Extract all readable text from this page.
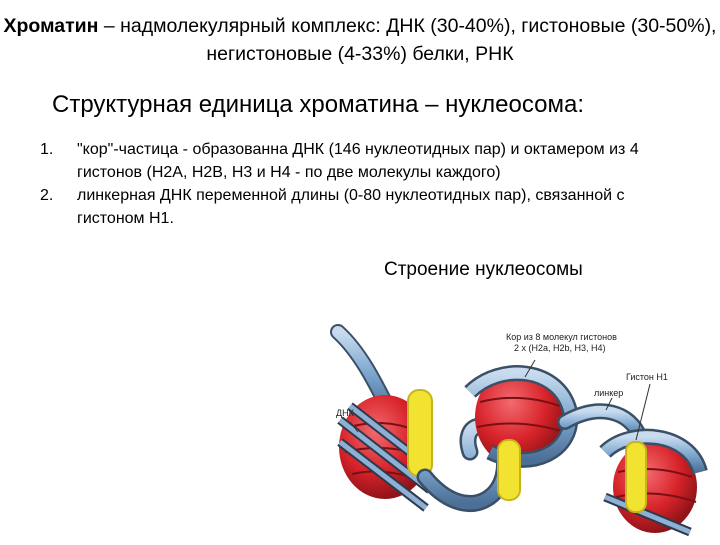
Хроматин – надмолекулярный комплекс: ДНК (30-40%), гистоновые (30-50%), негистоновые (4-33%) белки, РНК
Структурная единица хроматина – нуклеосома:
1.	"кор"-частица - образованна ДНК (146 нуклеотидных пар) и октамером из 4 гистонов (Н2А, Н2В, Н3 и Н4 - по две молекулы каждого)
2.	линкерная ДНК переменной длины (0-80 нуклеотидных пар), связанной с гистоном Н1.
Строение нуклеосомы
Кор из 8 молекул гистонов
2 х (Н2а, Н2b, Н3, Н4)
Гистон Н1
линкер
ДНК
